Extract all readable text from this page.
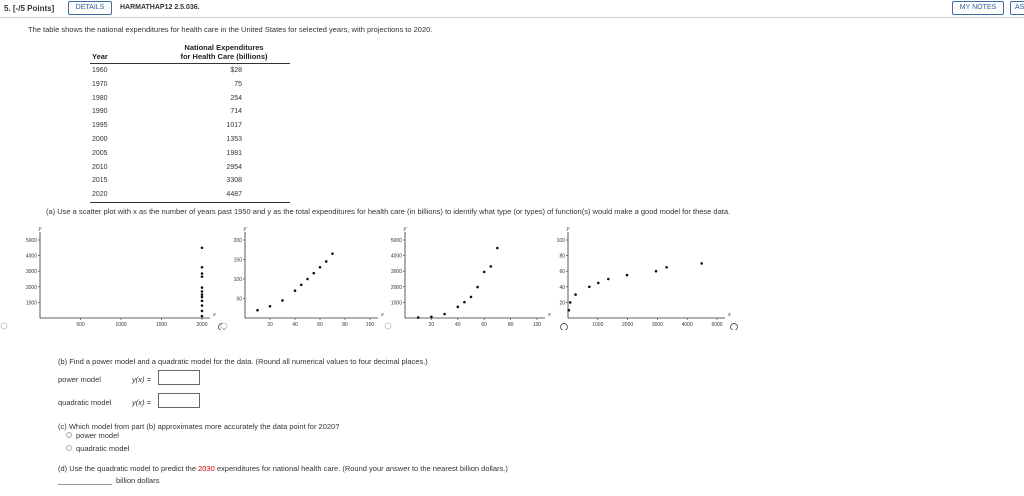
5. [-/5 Points]	DETAILS	HARMATHAP12 2.5.036.	MY NOTES	AS
The table shows the national expenditures for health care in the United States for selected years, with projections to 2020.
Year
National Expenditures
for Health Care (billions)
1960	$28
1970	75
1980	254
1990	714
1995	1017
2000	1353
2005	1981
2010	2954
2015	3308
2020	4487
(a) Use a scatter plot with x as the number of years past 1950 and y as the total expenditures for health care (in billions) to identify what type (or types) of function(s) would make a good model for these data.
y
x
500	1000	1500	2000
1000
2000
3000
4000
5000
y
x
20	40	60	80	100
50
100
150
200
y
x
20	40	60	80	100
1000
2000
3000
4000
5000
y
x
1000	2000	3000	4000	5000
20
40
60
80
100
(b) Find a power model and a quadratic model for the data. (Round all numerical values to four decimal places.)
power model	y(x) =
quadratic model	y(x) =
(c) Which model from part (b) approximates more accurately the data point for 2020?
power model
quadratic model
(d) Use the quadratic model to predict the 2030 expenditures for national health care. (Round your answer to the nearest billion dollars.)
billion dollars
